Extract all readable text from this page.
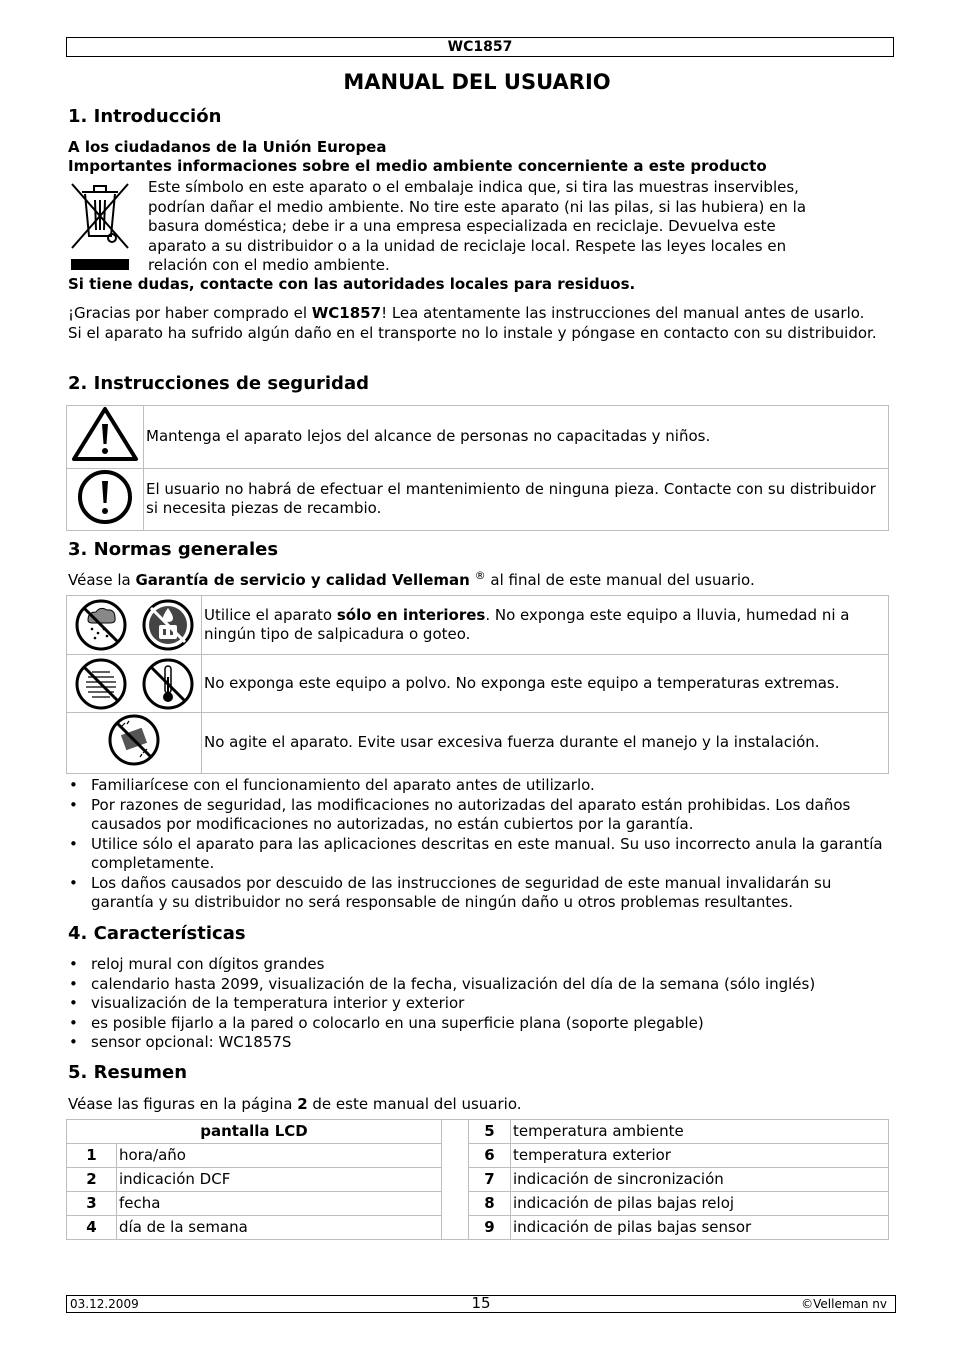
WC1857
MANUAL DEL USUARIO
1. Introducción
A los ciudadanos de la Unión Europea
Importantes informaciones sobre el medio ambiente concerniente a este producto
Este símbolo en este aparato o el embalaje indica que, si tira las muestras inservibles,
podrían dañar el medio ambiente. No tire este aparato (ni las pilas, si las hubiera) en la
basura doméstica; debe ir a una empresa especializada en reciclaje. Devuelva este
aparato a su distribuidor o a la unidad de reciclaje local. Respete las leyes locales en
relación con el medio ambiente.
Si tiene dudas, contacte con las autoridades locales para residuos.
¡Gracias por haber comprado el WC1857! Lea atentamente las instrucciones del manual antes de usarlo. Si el aparato ha sufrido algún daño en el transporte no lo instale y póngase en contacto con su distribuidor.
2. Instrucciones de seguridad
	Mantenga el aparato lejos del alcance de personas no capacitadas y niños.
	El usuario no habrá de efectuar el mantenimiento de ninguna pieza. Contacte con su distribuidor si necesita piezas de recambio.
3. Normas generales
Véase la Garantía de servicio y calidad Velleman ® al final de este manual del usuario.
	Utilice el aparato sólo en interiores. No exponga este equipo a lluvia, humedad ni a ningún tipo de salpicadura o goteo.

	No exponga este equipo a polvo. No exponga este equipo a temperaturas extremas.
	No agite el aparato. Evite usar excesiva fuerza durante el manejo y la instalación.
• Familiarícese con el funcionamiento del aparato antes de utilizarlo.
• Por razones de seguridad, las modificaciones no autorizadas del aparato están prohibidas. Los daños causados por modificaciones no autorizadas, no están cubiertos por la garantía.
• Utilice sólo el aparato para las aplicaciones descritas en este manual. Su uso incorrecto anula la garantía completamente.
• Los daños causados por descuido de las instrucciones de seguridad de este manual invalidarán su garantía y su distribuidor no será responsable de ningún daño u otros problemas resultantes.
4. Características
• reloj mural con dígitos grandes
• calendario hasta 2099, visualización de la fecha, visualización del día de la semana (sólo inglés)
• visualización de la temperatura interior y exterior
• es posible fijarlo a la pared o colocarlo en una superficie plana (soporte plegable)
• sensor opcional: WC1857S
5. Resumen
Véase las figuras en la página 2 de este manual del usuario.
pantalla LCD			5	temperatura ambiente
1	hora/año		6	temperatura exterior
2	indicación DCF		7	indicación de sincronización
3	fecha		8	indicación de pilas bajas reloj
4	día de la semana		9	indicación de pilas bajas sensor
03.12.2009	15	©Velleman nv
